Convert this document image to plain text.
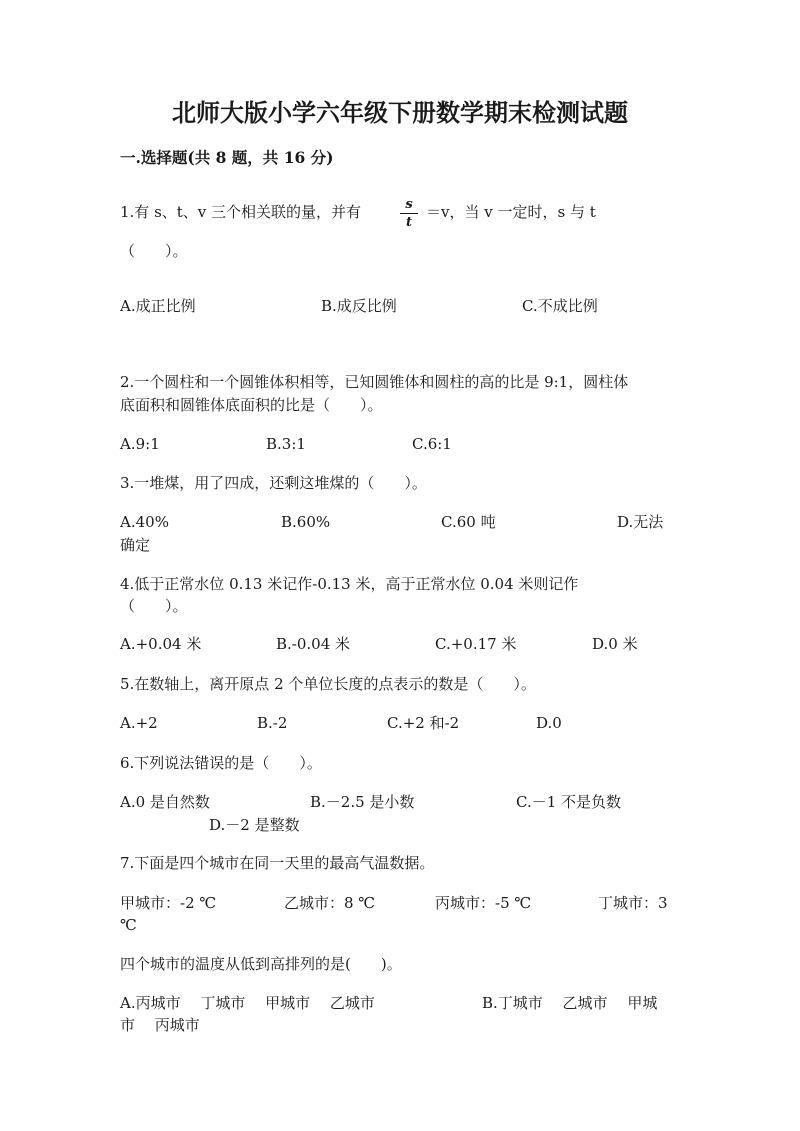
北师大版小学六年级下册数学期末检测试题
一.选择题(共 8 题，共 16 分)
1.有 s、t、v 三个相关联的量，并有	s
t
＝v，当 v 一定时，s 与 t
（　　）。
A.成正比例	B.成反比例	C.不成比例
2.一个圆柱和一个圆锥体积相等，已知圆锥体和圆柱的高的比是 9:1，圆柱体
底面积和圆锥体底面积的比是（　　）。
A.9:1	B.3:1	C.6:1
3.一堆煤，用了四成，还剩这堆煤的（　　）。
A.40%	B.60%	C.60 吨	D.无法
确定
4.低于正常水位 0.13 米记作-0.13 米，高于正常水位 0.04 米则记作
（　　）。
A.+0.04 米	B.-0.04 米	C.+0.17 米	D.0 米
5.在数轴上，离开原点 2 个单位长度的点表示的数是（　　）。
A.+2	B.-2	C.+2 和-2	D.0
6.下列说法错误的是（　　）。
A.0 是自然数	B.－2.5 是小数	C.－1 不是负数
D.－2 是整数
7.下面是四个城市在同一天里的最高气温数据。
甲城市：-2 ℃	乙城市：8 ℃	丙城市：-5 ℃	丁城市：3
℃
四个城市的温度从低到高排列的是(　　)。
A.丙城市　 丁城市　 甲城市　 乙城市	B.丁城市　 乙城市　 甲城
市　 丙城市
